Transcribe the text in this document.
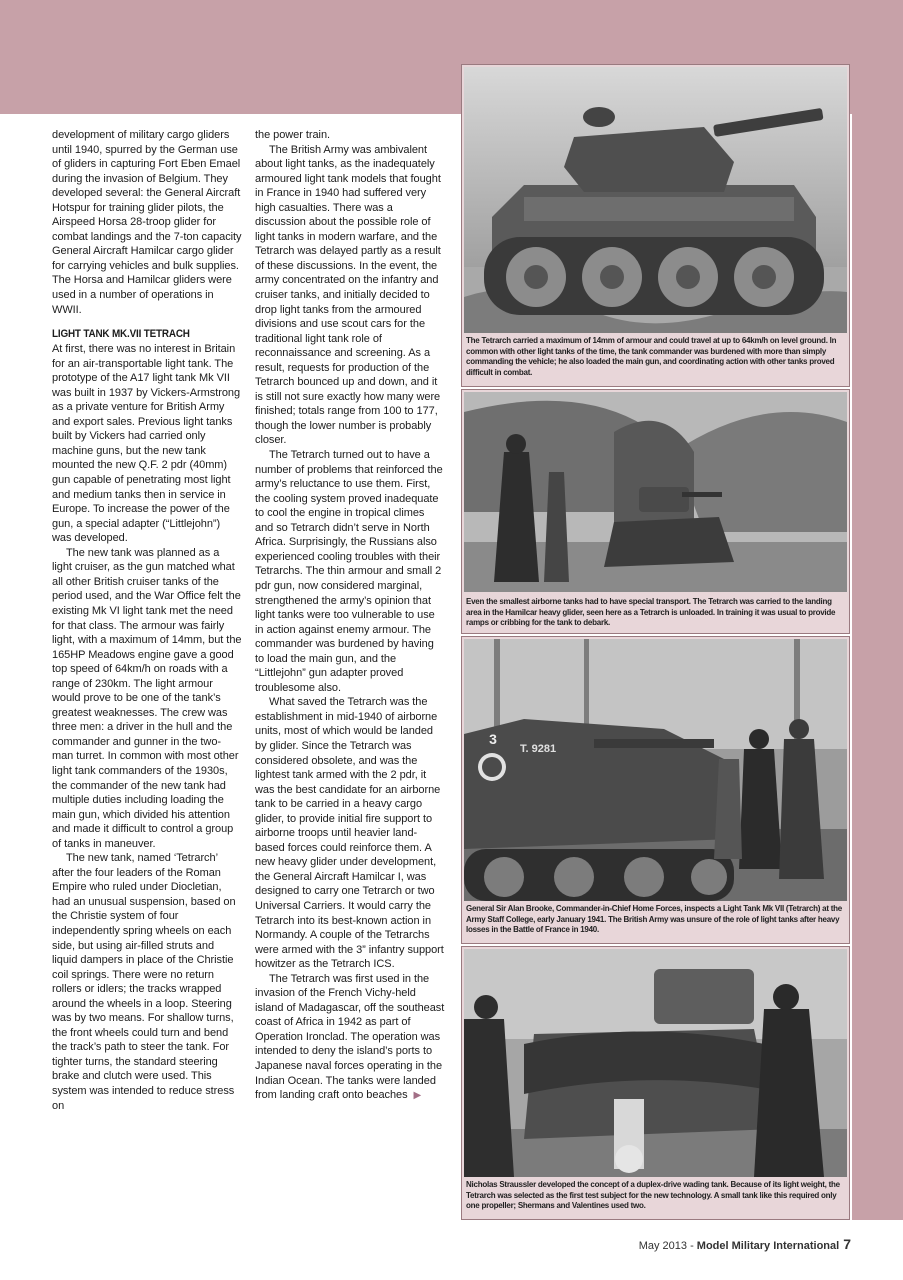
development of military cargo gliders until 1940, spurred by the German use of gliders in capturing Fort Eben Emael during the invasion of Belgium. They developed several: the General Aircraft Hotspur for training glider pilots, the Airspeed Horsa 28-troop glider for combat landings and the 7-ton capacity General Aircraft Hamilcar cargo glider for carrying vehicles and bulk supplies. The Horsa and Hamilcar gliders were used in a number of operations in WWII.

LIGHT TANK MK.VII TETRACH

At first, there was no interest in Britain for an air-transportable light tank. The prototype of the A17 light tank Mk VII was built in 1937 by Vickers-Armstrong as a private venture for British Army and export sales. Previous light tanks built by Vickers had carried only machine guns, but the new tank mounted the new Q.F. 2 pdr (40mm) gun capable of penetrating most light and medium tanks then in service in Europe. To increase the power of the gun, a special adapter (“Littlejohn”) was developed.

The new tank was planned as a light cruiser, as the gun matched what all other British cruiser tanks of the period used, and the War Office felt the existing Mk VI light tank met the need for that class. The armour was fairly light, with a maximum of 14mm, but the 165HP Meadows engine gave a good top speed of 64km/h on roads with a range of 230km. The light armour would prove to be one of the tank’s greatest weaknesses. The crew was three men: a driver in the hull and the commander and gunner in the two-man turret. In common with most other light tank commanders of the 1930s, the commander of the new tank had multiple duties including loading the main gun, which divided his attention and made it difficult to control a group of tanks in maneuver.

The new tank, named ‘Tetrarch’ after the four leaders of the Roman Empire who ruled under Diocletian, had an unusual suspension, based on the Christie system of four independently spring wheels on each side, but using air-filled struts and liquid dampers in place of the Christie coil springs. There were no return rollers or idlers; the tracks wrapped around the wheels in a loop. Steering was by two means. For shallow turns, the front wheels could turn and bend the track’s path to steer the tank. For tighter turns, the standard steering brake and clutch were used. This system was intended to reduce stress on

the power train.

The British Army was ambivalent about light tanks, as the inadequately armoured light tank models that fought in France in 1940 had suffered very high casualties. There was a discussion about the possible role of light tanks in modern warfare, and the Tetrarch was delayed partly as a result of these discussions. In the event, the army concentrated on the infantry and cruiser tanks, and initially decided to drop light tanks from the armoured divisions and use scout cars for the traditional light tank role of reconnaissance and screening. As a result, requests for production of the Tetrarch bounced up and down, and it is still not sure exactly how many were finished; totals range from 100 to 177, though the lower number is probably closer.

The Tetrarch turned out to have a number of problems that reinforced the army’s reluctance to use them. First, the cooling system proved inadequate to cool the engine in tropical climes and so Tetrarch didn’t serve in North Africa. Surprisingly, the Russians also experienced cooling troubles with their Tetrarchs. The thin armour and small 2 pdr gun, now considered marginal, strengthened the army’s opinion that light tanks were too vulnerable to use in action against enemy armour. The commander was burdened by having to load the main gun, and the “Littlejohn” gun adapter proved troublesome also.

What saved the Tetrarch was the establishment in mid-1940 of airborne units, most of which would be landed by glider. Since the Tetrarch was considered obsolete, and was the lightest tank armed with the 2 pdr, it was the best candidate for an airborne tank to be carried in a heavy cargo glider, to provide initial fire support to airborne troops until heavier land-based forces could reinforce them. A new heavy glider under development, the General Aircraft Hamilcar I, was designed to carry one Tetrarch or two Universal Carriers. It would carry the Tetrarch into its best-known action in Normandy. A couple of the Tetrarchs were armed with the 3” infantry support howitzer as the Tetrarch ICS.

The Tetrarch was first used in the invasion of the French Vichy-held island of Madagascar, off the southeast coast of Africa in 1942 as part of Operation Ironclad. The operation was intended to deny the island’s ports to Japanese naval forces operating in the Indian Ocean. The tanks were landed from landing craft onto beaches ▶

The Tetrarch carried a maximum of 14mm of armour and could travel at up to 64km/h on level ground. In common with other light tanks of the time, the tank commander was burdened with more than simply commanding the vehicle; he also loaded the main gun, and coordinating action with other tanks proved difficult in combat.
Even the smallest airborne tanks had to have special transport. The Tetrarch was carried to the landing area in the Hamilcar heavy glider, seen here as a Tetrarch is unloaded. In training it was usual to provide ramps or cribbing for the tank to debark.
3
T. 9281
General Sir Alan Brooke, Commander-in-Chief Home Forces, inspects a Light Tank Mk VII (Tetrarch) at the Army Staff College, early January 1941. The British Army was unsure of the role of light tanks after heavy losses in the Battle of France in 1940.
Nicholas Straussler developed the concept of a duplex-drive wading tank. Because of its light weight, the Tetrarch was selected as the first test subject for the new technology. A small tank like this required only one propeller; Shermans and Valentines used two.
May 2013 - Model Military International 7
